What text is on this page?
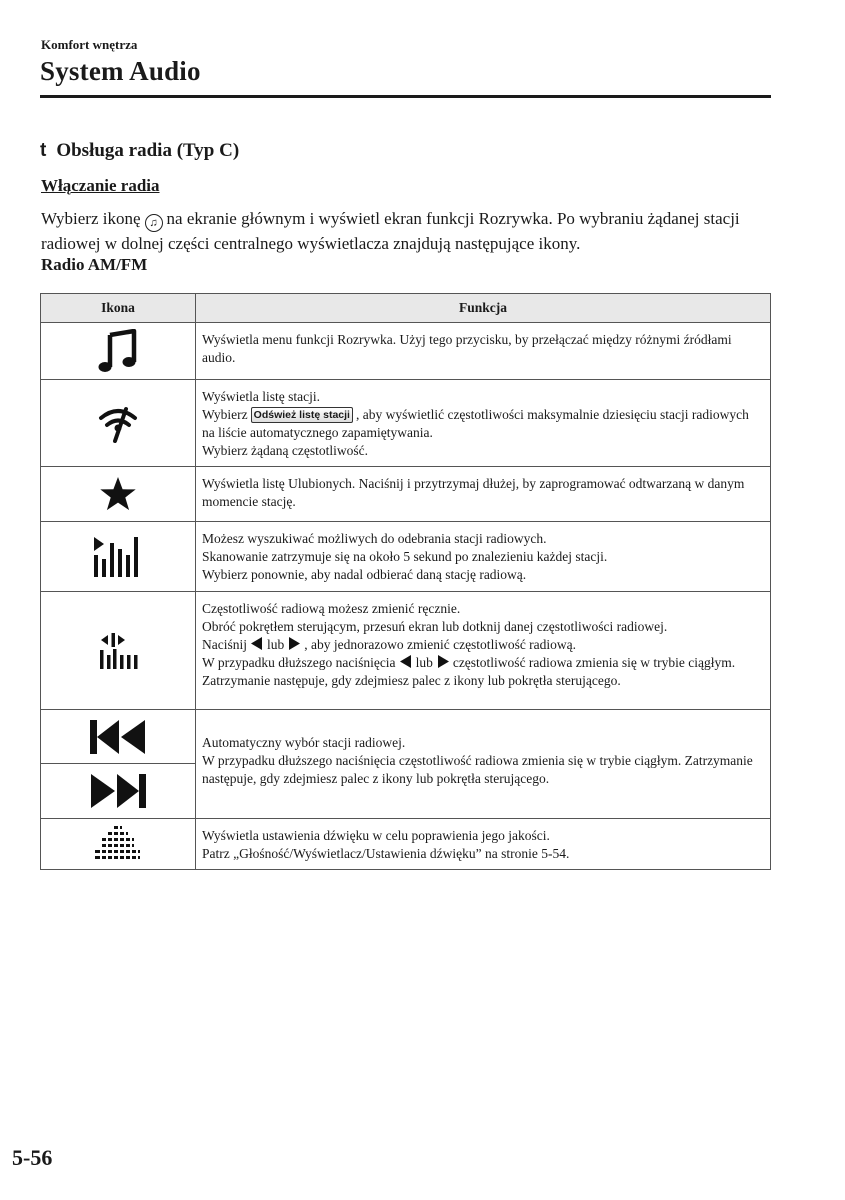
Komfort wnętrza
System Audio
t Obsługa radia (Typ C)
Włączanie radia
Wybierz ikonę ♫ na ekranie głównym i wyświetl ekran funkcji Rozrywka. Po wybraniu żądanej stacji radiowej w dolnej części centralnego wyświetlacza znajdują następujące ikony.
Radio AM/FM
Ikona	Funkcja

Wyświetla menu funkcji Rozrywka. Użyj tego przycisku, by przełączać między różnymi źródłami audio.

Wyświetla listę stacji.
Wybierz Odśwież listę stacji , aby wyświetlić częstotliwości maksymalnie dziesięciu stacji radiowych na liście automatycznego zapamiętywania.
Wybierz żądaną częstotliwość.

Wyświetla listę Ulubionych. Naciśnij i przytrzymaj dłużej, by zaprogramować odtwarzaną w danym momencie stację.

Możesz wyszukiwać możliwych do odebrania stacji radiowych.
Skanowanie zatrzymuje się na około 5 sekund po znalezieniu każdej stacji.
Wybierz ponownie, aby nadal odbierać daną stację radiową.

Częstotliwość radiową możesz zmienić ręcznie.
Obróć pokrętłem sterującym, przesuń ekran lub dotknij danej częstotliwości radiowej.
Naciśnij lub , aby jednorazowo zmienić częstotliwość radiową.
W przypadku dłuższego naciśnięcia lub częstotliwość radiowa zmienia się w trybie ciągłym. Zatrzymanie następuje, gdy zdejmiesz palec z ikony lub pokrętła sterującego.

Automatyczny wybór stacji radiowej.
W przypadku dłuższego naciśnięcia częstotliwość radiowa zmienia się w trybie ciągłym. Zatrzymanie następuje, gdy zdejmiesz palec z ikony lub pokrętła sterującego.

Wyświetla ustawienia dźwięku w celu poprawienia jego jakości.
Patrz „Głośność/Wyświetlacz/Ustawienia dźwięku” na stronie 5-54.
5-56
